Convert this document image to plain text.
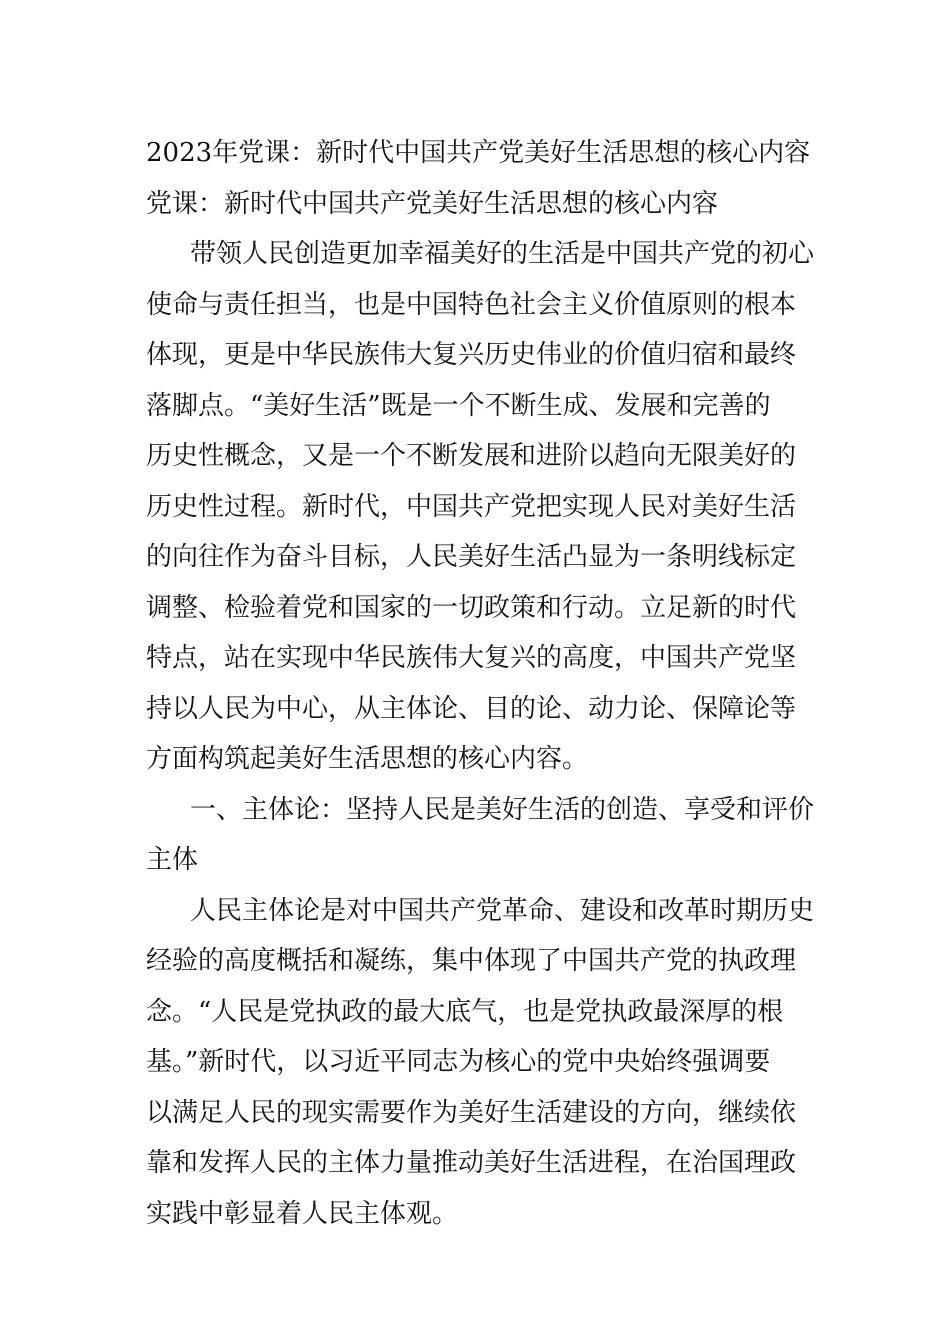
2023年党课：新时代中国共产党美好生活思想的核心内容

党课：新时代中国共产党美好生活思想的核心内容

带领人民创造更加幸福美好的生活是中国共产党的初心

使命与责任担当，也是中国特色社会主义价值原则的根本

体现，更是中华民族伟大复兴历史伟业的价值归宿和最终

落脚点。“美好生活”既是一个不断生成、发展和完善的

历史性概念，又是一个不断发展和进阶以趋向无限美好的

历史性过程。新时代，中国共产党把实现人民对美好生活

的向往作为奋斗目标，人民美好生活凸显为一条明线标定

调整、检验着党和国家的一切政策和行动。立足新的时代

特点，站在实现中华民族伟大复兴的高度，中国共产党坚

持以人民为中心，从主体论、目的论、动力论、保障论等

方面构筑起美好生活思想的核心内容。

一、主体论：坚持人民是美好生活的创造、享受和评价

主体

人民主体论是对中国共产党革命、建设和改革时期历史

经验的高度概括和凝练，集中体现了中国共产党的执政理

念。“人民是党执政的最大底气，也是党执政最深厚的根

基。”新时代，以习近平同志为核心的党中央始终强调要

以满足人民的现实需要作为美好生活建设的方向，继续依

靠和发挥人民的主体力量推动美好生活进程，在治国理政

实践中彰显着人民主体观。
